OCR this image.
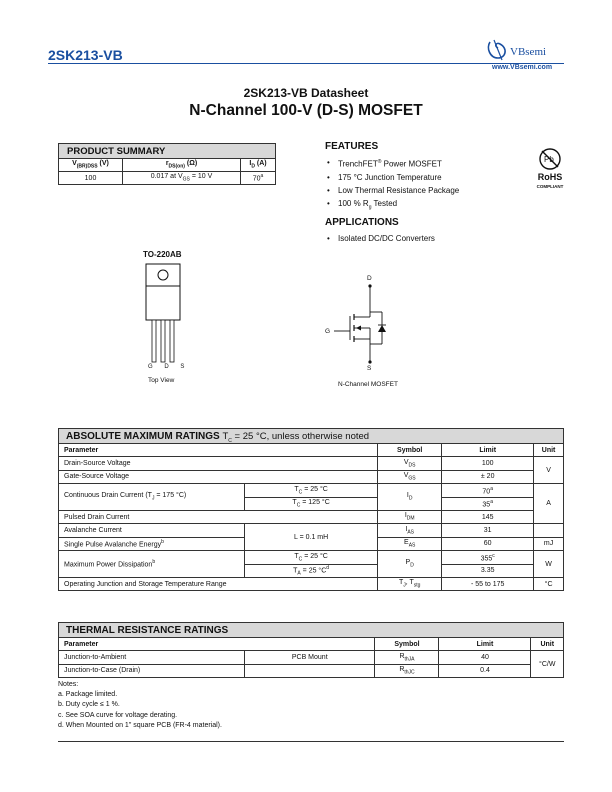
2SK213-VB	VBsemi
www.VBsemi.com
2SK213-VB Datasheet
N-Channel 100-V (D-S) MOSFET
PRODUCT SUMMARY
$V_{(BR)DSS}$ (V)	$r_{DS(on)}$ (Ω)	$I_D$ (A)
100	0.017 at $V_{GS} = 10$ V	70$^a$
FEATURES
• TrenchFET® Power MOSFET
• 175 °C Junction Temperature
• Low Thermal Resistance Package
• 100 % $R_g$ Tested
Pb
RoHS
COMPLIANT
APPLICATIONS
• Isolated DC/DC Converters
TO-220AB
G D S
Top View
D
G
S
N-Channel MOSFET
ABSOLUTE MAXIMUM RATINGS $T_C = 25$ °C, unless otherwise noted
Parameter		Symbol	Limit	Unit
Drain-Source Voltage		$V_{DS}$	100	V
Gate-Source Voltage		$V_{GS}$	± 20	
Continuous Drain Current ($T_J = 175$ °C)	$T_C = 25$ °C	$I_D$	70$^a$	A
	$T_C = 125$ °C		35$^a$
Pulsed Drain Current		$I_{DM}$	145	
Avalanche Current	L = 0.1 mH	$I_{AS}$	31	
Single Pulse Avalanche Energy$^b$		$E_{AS}$	60	mJ
Maximum Power Dissipation$^b$	$T_C = 25$ °C	$P_D$	355$^c$	W
	$T_A = 25$ $^\circ C^d$		3.35	
Operating Junction and Storage Temperature Range		$T_J$, $T_{stg}$	- 55 to 175	°C
THERMAL RESISTANCE RATINGS
Parameter		Symbol	Limit	Unit
Junction-to-Ambient	PCB Mount	$R_{thJA}$	40	°C/W
Junction-to-Case (Drain)		$R_{thJC}$	0.4	
Notes:
a. Package limited.
b. Duty cycle ≤ 1 %.
c. See SOA curve for voltage derating.
d. When Mounted on 1" square PCB (FR-4 material).
